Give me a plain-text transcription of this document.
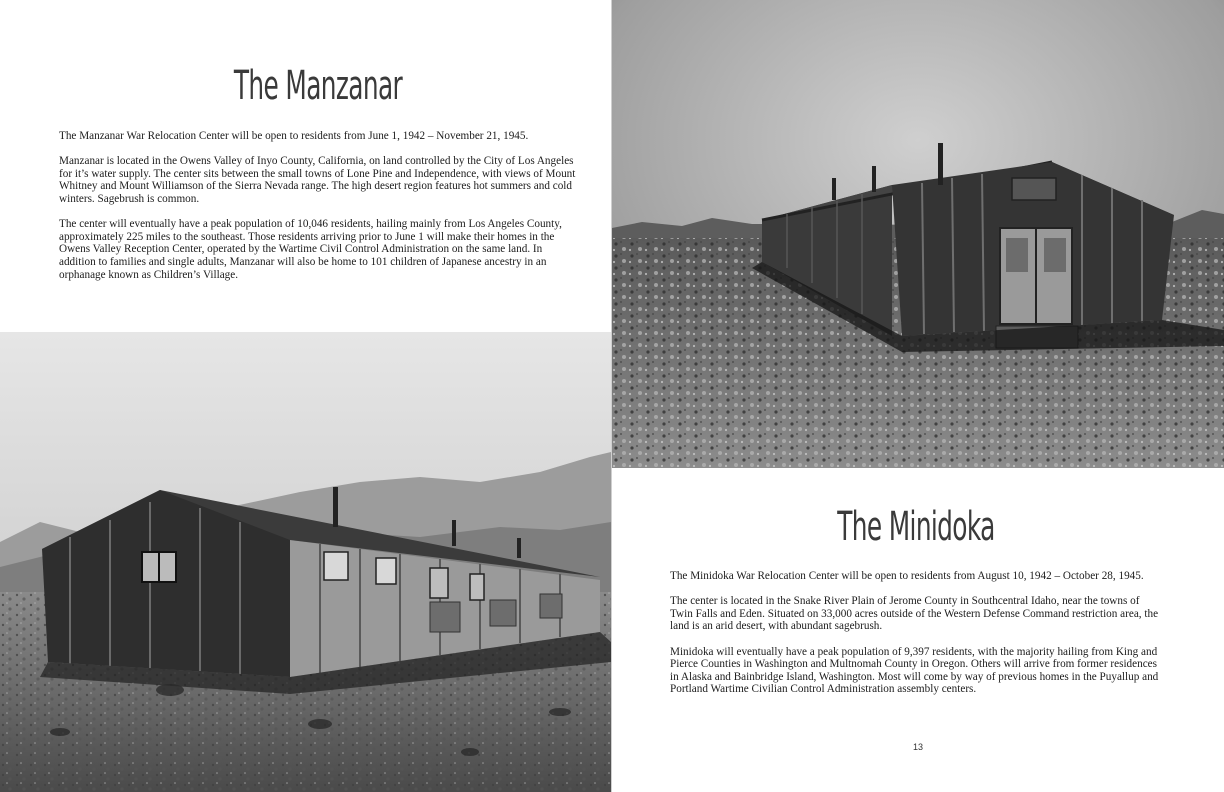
The Manzanar

The Manzanar War Relocation Center will be open to residents from June 1, 1942 – November 21, 1945.

Manzanar is located in the Owens Valley of Inyo County, California, on land controlled by the City of Los Angeles for it’s water supply. The center sits between the small towns of Lone Pine and Independence, with views of Mount Whitney and Mount Williamson of the Sierra Nevada range. The high desert region features hot summers and cold winters. Sagebrush is common.

The center will eventually have a peak population of 10,046 residents, hailing mainly from Los Angeles County, approximately 225 miles to the southeast. Those residents arriving prior to June 1 will make their homes in the Owens Valley Reception Center, operated by the Wartime Civil Control Administration on the same land. In addition to families and single adults, Manzanar will also be home to 101 children of Japanese ancestry in an orphanage known as Children’s Village.

The Minidoka

The Minidoka War Relocation Center will be open to residents from August 10, 1942 – October 28, 1945.

The center is located in the Snake River Plain of Jerome County in Southcentral Idaho, near the towns of Twin Falls and Eden. Situated on 33,000 acres outside of the Western Defense Command restriction area, the land is an arid desert, with abundant sagebrush.

Minidoka will eventually have a peak population of 9,397 residents, with the majority hailing from King and Pierce Counties in Washington and Multnomah County in Oregon. Others will arrive from former residences in Alaska and Bainbridge Island, Washington. Most will come by way of previous homes in the Puyallup and Portland Wartime Civilian Control Administration assembly centers.

13
